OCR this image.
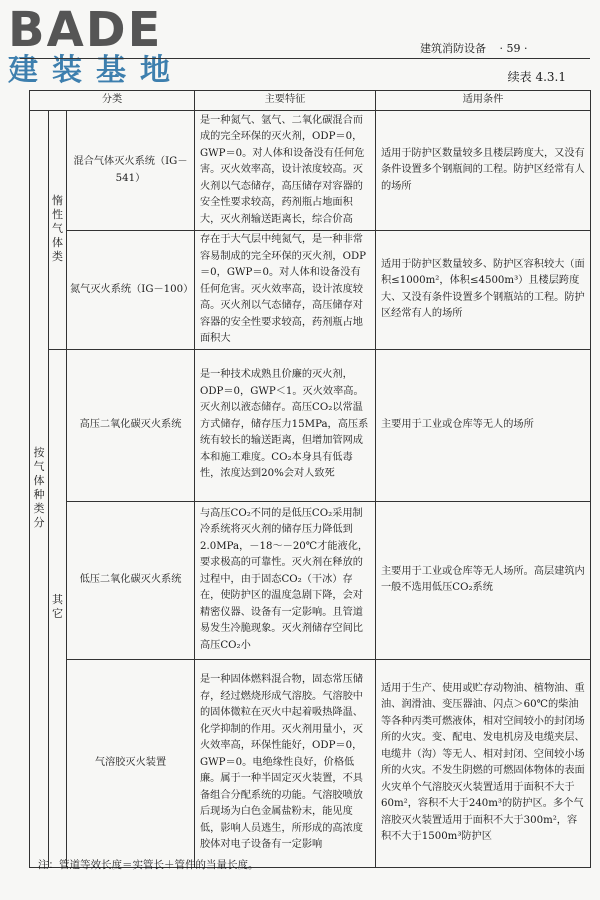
BADE
建装基地
建筑消防设备 · 59 ·
续表 4.3.1
分类			主要特征	适用条件
按气体种类分	惰性气体类	混合气体灭火系统（IG－541）	是一种氮气、氩气、二氧化碳混合而成的完全环保的灭火剂，ODP＝0，GWP＝0。对人体和设备没有任何危害。灭火效率高，设计浓度较高。灭火剂以气态储存，高压储存对容器的安全性要求较高，药剂瓶占地面积大，灭火剂输送距离长，综合价高	适用于防护区数量较多且楼层跨度大，又没有条件设置多个钢瓶间的工程。防护区经常有人的场所
		氮气灭火系统（IG－100）	存在于大气层中纯氮气，是一种非常容易制成的完全环保的灭火剂，ODP＝0，GWP＝0。对人体和设备没有任何危害。灭火效率高，设计浓度较高。灭火剂以气态储存，高压储存对容器的安全性要求较高，药剂瓶占地面积大	适用于防护区数量较多、防护区容积较大（面积≤1000m²，体积≤4500m³）且楼层跨度大、又没有条件设置多个钢瓶站的工程。防护区经常有人的场所
	其它	高压二氧化碳灭火系统	是一种技术成熟且价廉的灭火剂，ODP＝0，GWP＜1。灭火效率高。灭火剂以液态储存。高压CO₂以常温方式储存，储存压力15MPa，高压系统有较长的输送距离，但增加管网成本和施工难度。CO₂本身具有低毒性，浓度达到20%会对人致死	主要用于工业或仓库等无人的场所
		低压二氧化碳灭火系统	与高压CO₂不同的是低压CO₂采用制冷系统将灭火剂的储存压力降低到2.0MPa，－18～－20℃才能液化，要求极高的可靠性。灭火剂在释放的过程中，由于固态CO₂（干冰）存在，使防护区的温度急剧下降，会对精密仪器、设备有一定影响。且管道易发生冷脆现象。灭火剂储存空间比高压CO₂小	主要用于工业或仓库等无人场所。高层建筑内一般不选用低压CO₂系统
		气溶胶灭火装置	是一种固体燃料混合物，固态常压储存，经过燃烧形成气溶胶。气溶胶中的固体微粒在灭火中起着吸热降温、化学抑制的作用。灭火剂用量小，灭火效率高，环保性能好，ODP＝0，GWP＝0。电绝缘性良好，价格低廉。属于一种半固定灭火装置，不具备组合分配系统的功能。气溶胶喷放后现场为白色金属盐粉末，能见度低，影响人员逃生，所形成的高浓度胶体对电子设备有一定影响	适用于生产、使用或贮存动物油、植物油、重油、润滑油、变压器油、闪点＞60℃的柴油等各种丙类可燃液体，相对空间较小的封闭场所的火灾。变、配电、发电机房及电缆夹层、电缆井（沟）等无人、相对封闭、空间较小场所的火灾。不发生阴燃的可燃固体物体的表面火灾单个气溶胶灭火装置适用于面积不大于60m²，容积不大于240m³的防护区。多个气溶胶灭火装置适用于面积不大于300m²，容积不大于1500m³防护区
注：管道等效长度＝实管长＋管件的当量长度。
